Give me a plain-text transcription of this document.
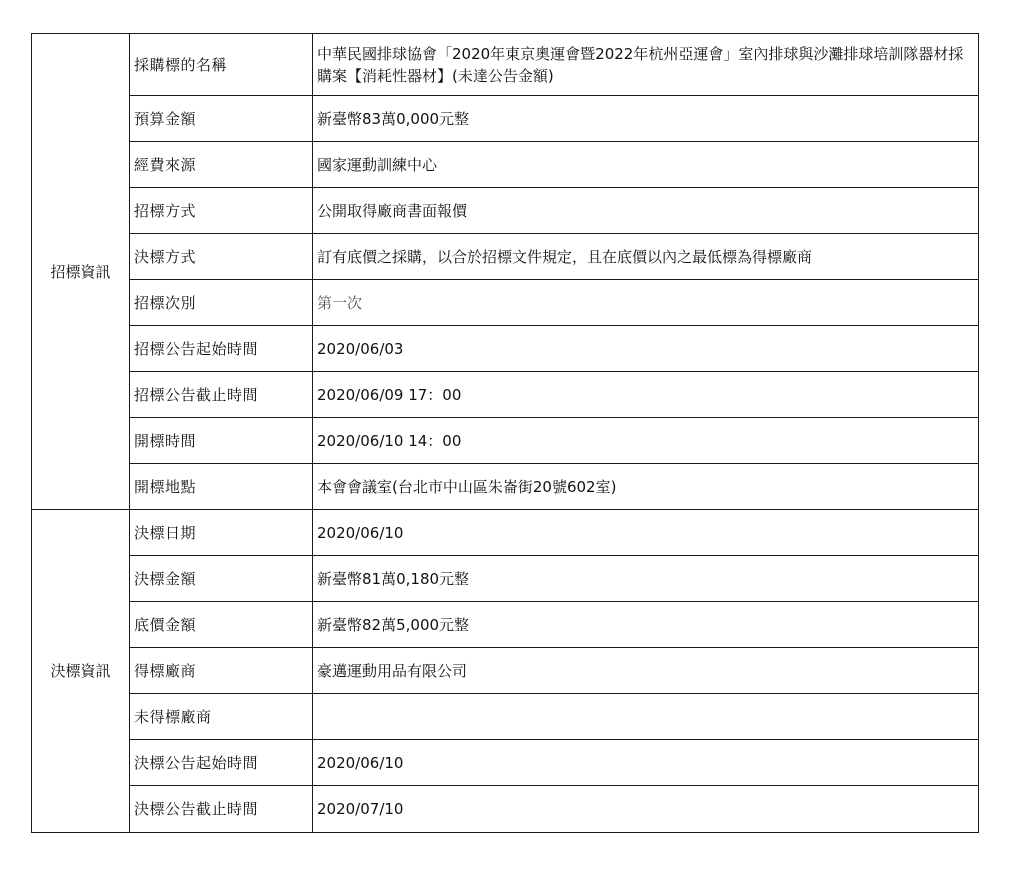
招標資訊	採購標的名稱	中華民國排球協會「2020年東京奧運會暨2022年杭州亞運會」室內排球與沙灘排球培訓隊器材採購案【消耗性器材】(未達公告金額)
	預算金額	新臺幣83萬0,000元整
	經費來源	國家運動訓練中心
	招標方式	公開取得廠商書面報價
	決標方式	訂有底價之採購，以合於招標文件規定，且在底價以內之最低標為得標廠商
	招標次別	第一次
	招標公告起始時間	2020/06/03
	招標公告截止時間	2020/06/09 17：00
	開標時間	2020/06/10 14：00
	開標地點	本會會議室(台北市中山區朱崙街20號602室)
決標資訊	決標日期	2020/06/10
	決標金額	新臺幣81萬0,180元整
	底價金額	新臺幣82萬5,000元整
	得標廠商	豪邁運動用品有限公司
	未得標廠商	
	決標公告起始時間	2020/06/10
	決標公告截止時間	2020/07/10
